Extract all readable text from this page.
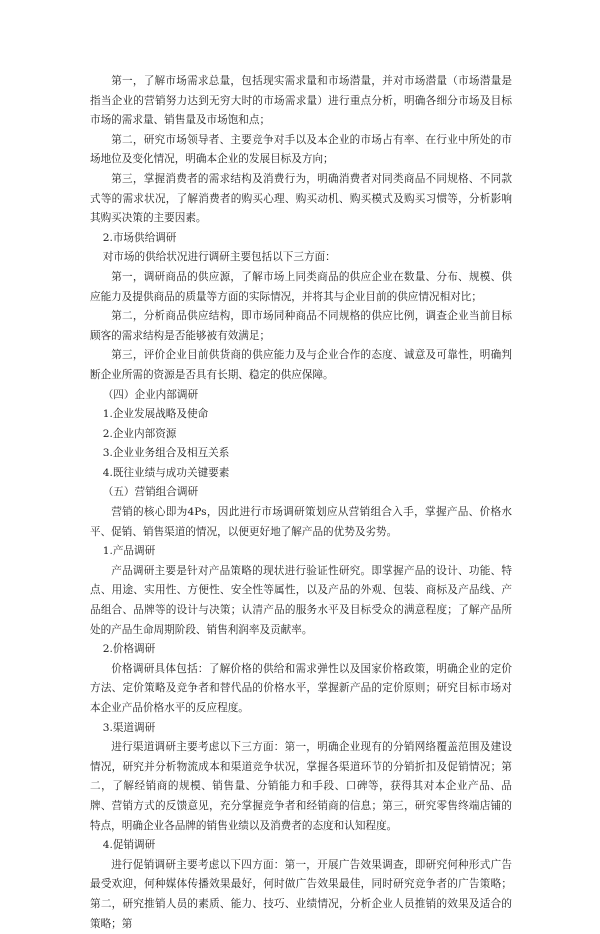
第一，了解市场需求总量，包括现实需求量和市场潜量，并对市场潜量（市场潜量是指当企业的营销努力达到无穷大时的市场需求量）进行重点分析，明确各细分市场及目标市场的需求量、销售量及市场饱和点；

第二，研究市场领导者、主要竞争对手以及本企业的市场占有率、在行业中所处的市场地位及变化情况，明确本企业的发展目标及方向；

第三，掌握消费者的需求结构及消费行为，明确消费者对同类商品不同规格、不同款式等的需求状况，了解消费者的购买心理、购买动机、购买模式及购买习惯等，分析影响其购买决策的主要因素。

2.市场供给调研

对市场的供给状况进行调研主要包括以下三方面：

第一，调研商品的供应源，了解市场上同类商品的供应企业在数量、分布、规模、供应能力及提供商品的质量等方面的实际情况，并将其与企业目前的供应情况相对比；

第二，分析商品供应结构，即市场同种商品不同规格的供应比例，调查企业当前目标顾客的需求结构是否能够被有效满足；

第三，评价企业目前供货商的供应能力及与企业合作的态度、诚意及可靠性，明确判断企业所需的资源是否具有长期、稳定的供应保障。

（四）企业内部调研

1.企业发展战略及使命

2.企业内部资源

3.企业业务组合及相互关系

4.既往业绩与成功关键要素

（五）营销组合调研

营销的核心即为4Ps，因此进行市场调研策划应从营销组合入手，掌握产品、价格水平、促销、销售渠道的情况，以便更好地了解产品的优势及劣势。

1.产品调研

产品调研主要是针对产品策略的现状进行验证性研究。即掌握产品的设计、功能、特点、用途、实用性、方便性、安全性等属性，以及产品的外观、包装、商标及产品线、产品组合、品牌等的设计与决策；认清产品的服务水平及目标受众的满意程度；了解产品所处的产品生命周期阶段、销售利润率及贡献率。

2.价格调研

价格调研具体包括：了解价格的供给和需求弹性以及国家价格政策，明确企业的定价方法、定价策略及竞争者和替代品的价格水平，掌握新产品的定价原则；研究目标市场对本企业产品价格水平的反应程度。

3.渠道调研

进行渠道调研主要考虑以下三方面：第一，明确企业现有的分销网络覆盖范围及建设情况，研究并分析物流成本和渠道竞争状况，掌握各渠道环节的分销折扣及促销情况；第二，了解经销商的规模、销售量、分销能力和手段、口碑等，获得其对本企业产品、品牌、营销方式的反馈意见，充分掌握竞争者和经销商的信息；第三，研究零售终端店铺的特点，明确企业各品牌的销售业绩以及消费者的态度和认知程度。

4.促销调研

进行促销调研主要考虑以下四方面：第一，开展广告效果调查，即研究何种形式广告最受欢迎，何种媒体传播效果最好，何时做广告效果最佳，同时研究竞争者的广告策略；第二，研究推销人员的素质、能力、技巧、业绩情况，分析企业人员推销的效果及适合的策略；第
